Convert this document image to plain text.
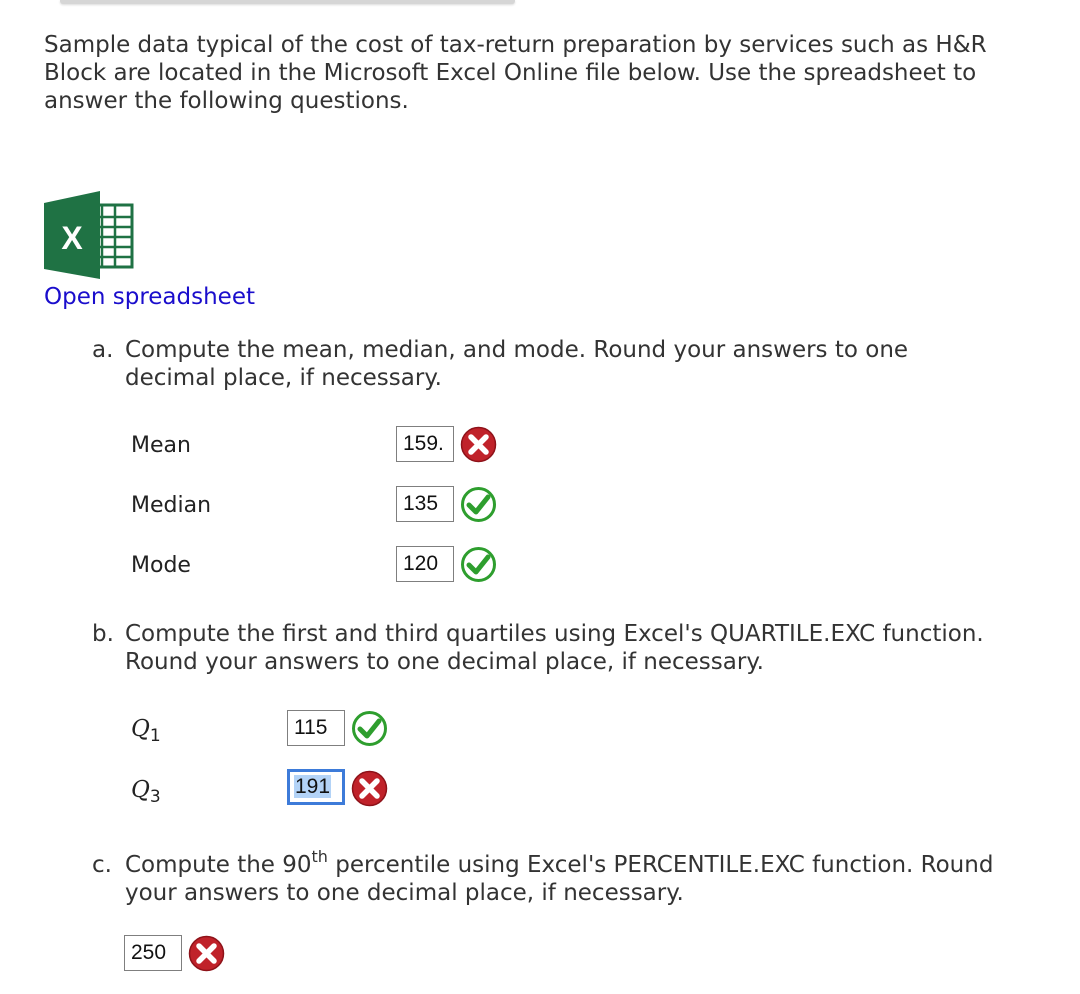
Sample data typical of the cost of tax-return preparation by services such as H&R Block are located in the Microsoft Excel Online file below. Use the spreadsheet to answer the following questions.

X
Open spreadsheet
a. Compute the mean, median, and mode. Round your answers to one decimal place, if necessary.
Mean	159.
Median	135
Mode	120
b. Compute the first and third quartiles using Excel's QUARTILE.EXC function. Round your answers to one decimal place, if necessary.
$Q_1$	115
$Q_3$	191
c. Compute the 90th percentile using Excel's PERCENTILE.EXC function. Round your answers to one decimal place, if necessary.
250
